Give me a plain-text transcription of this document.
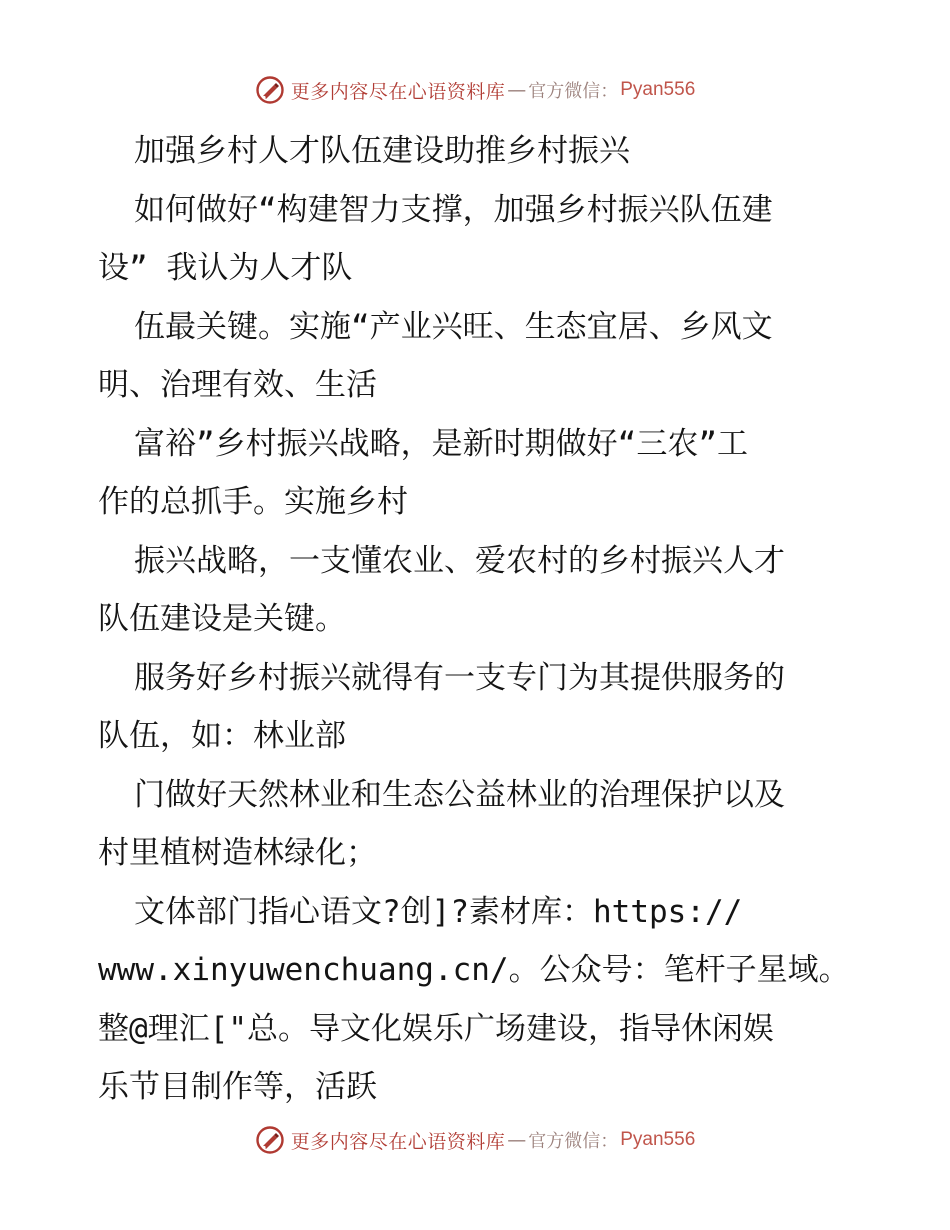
更多内容尽在心语资料库 — 官方微信： Pyan556
加强乡村人才队伍建设助推乡村振兴
如何做好“构建智力支撑，加强乡村振兴队伍建
设” 我认为人才队
伍最关键。实施“产业兴旺、生态宜居、乡风文
明、治理有效、生活
富裕”乡村振兴战略，是新时期做好“三农”工
作的总抓手。实施乡村
振兴战略，一支懂农业、爱农村的乡村振兴人才
队伍建设是关键。
服务好乡村振兴就得有一支专门为其提供服务的
队伍，如：林业部
门做好天然林业和生态公益林业的治理保护以及
村里植树造林绿化；
文体部门指心语文?创]?素材库：https://
www.xinyuwenchuang.cn/。公众号：笔杆子星域。
整@理汇["总。导文化娱乐广场建设，指导休闲娱
乐节目制作等，活跃
更多内容尽在心语资料库 — 官方微信： Pyan556
